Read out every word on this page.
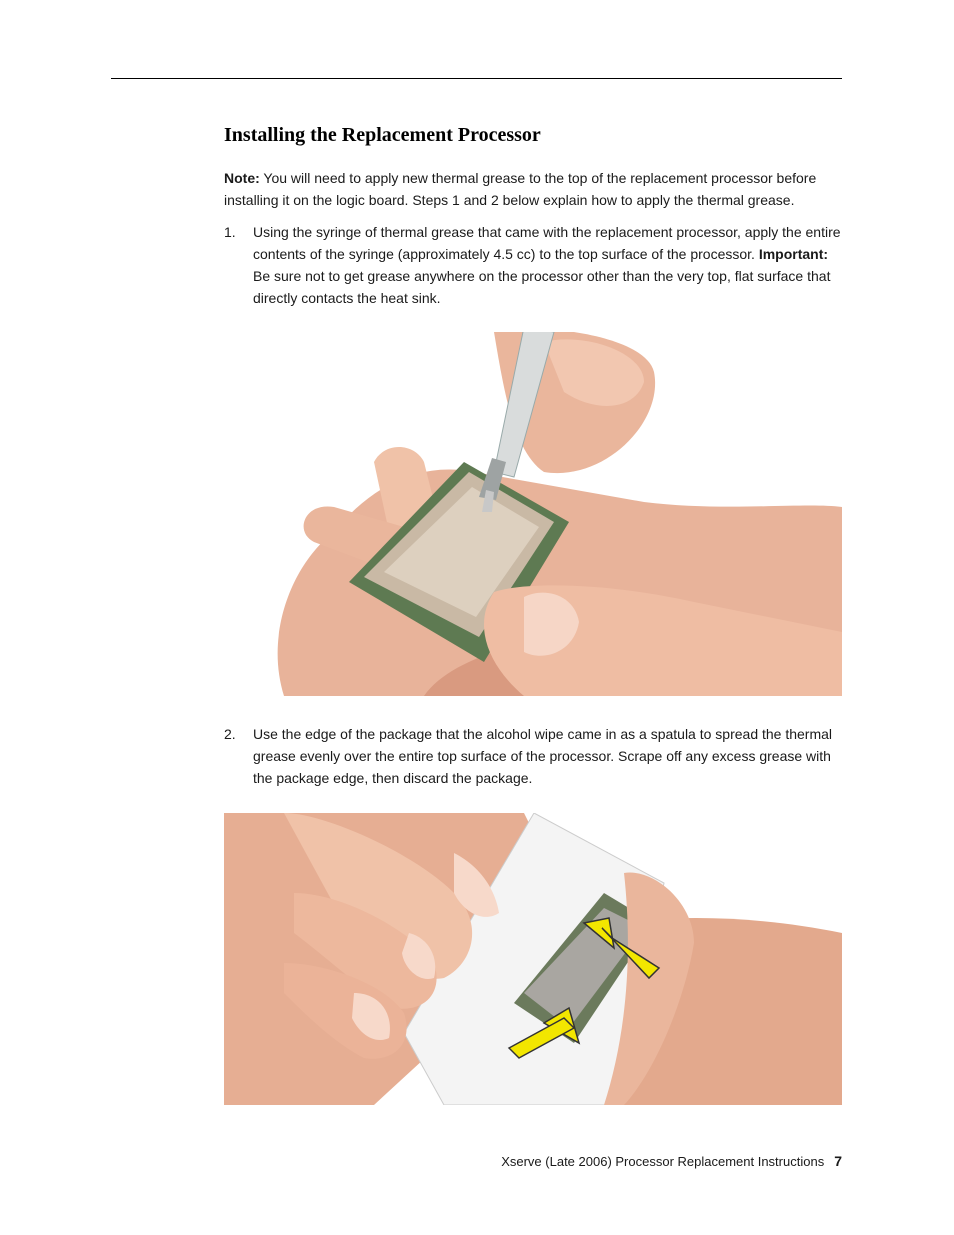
Installing the Replacement Processor

Note: You will need to apply new thermal grease to the top of the replacement processor before installing it on the logic board. Steps 1 and 2 below explain how to apply the thermal grease.

1. Using the syringe of thermal grease that came with the replacement processor, apply the entire contents of the syringe (approximately 4.5 cc) to the top surface of the processor. Important: Be sure not to get grease anywhere on the processor other than the very top, flat surface that directly contacts the heat sink.
2. Use the edge of the package that the alcohol wipe came in as a spatula to spread the thermal grease evenly over the entire top surface of the processor. Scrape off any excess grease with the package edge, then discard the package.
Xserve (Late 2006) Processor Replacement Instructions 7
